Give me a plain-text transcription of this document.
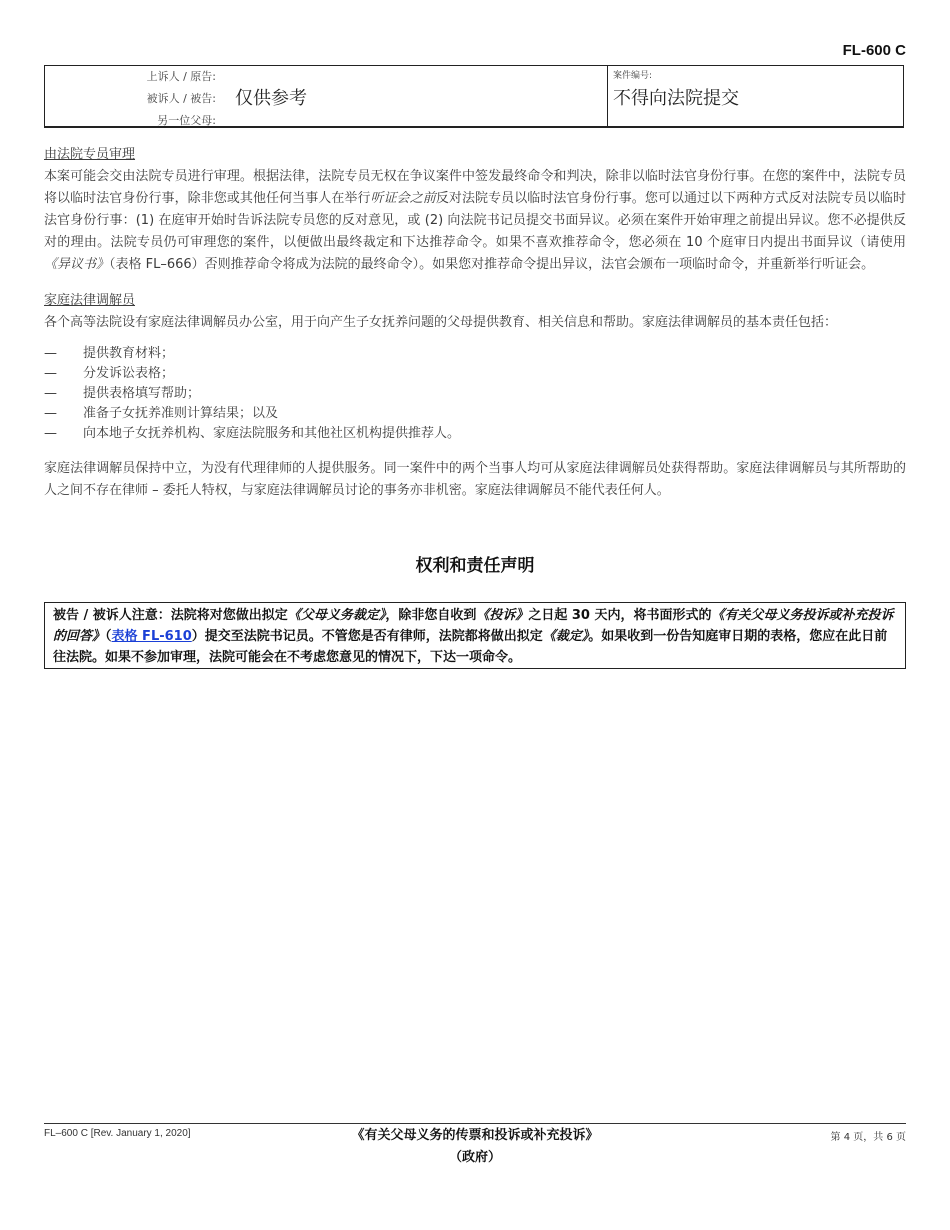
FL-600 C
上诉人 / 原告:
被诉人 / 被告:
另一位父母:
仅供参考
案件编号:
不得向法院提交

由法院专员审理

本案可能会交由法院专员进行审理。根据法律，法院专员无权在争议案件中签发最终命令和判决，除非以临时法官身份行事。在您的案件中，法院专员将以临时法官身份行事，除非您或其他任何当事人在举行听证会之前反对法院专员以临时法官身份行事。您可以通过以下两种方式反对法院专员以临时法官身份行事：(1) 在庭审开始时告诉法院专员您的反对意见，或 (2) 向法院书记员提交书面异议。必须在案件开始审理之前提出异议。您不必提供反对的理由。法院专员仍可审理您的案件，以便做出最终裁定和下达推荐命令。如果不喜欢推荐命令，您必须在 10 个庭审日内提出书面异议（请使用《异议书》（表格 FL–666）否则推荐命令将成为法院的最终命令）。如果您对推荐命令提出异议，法官会颁布一项临时命令，并重新举行听证会。

家庭法律调解员

各个高等法院设有家庭法律调解员办公室，用于向产生子女抚养问题的父母提供教育、相关信息和帮助。家庭法律调解员的基本责任包括：

— 提供教育材料；
— 分发诉讼表格；
— 提供表格填写帮助；
— 准备子女抚养准则计算结果；以及
— 向本地子女抚养机构、家庭法院服务和其他社区机构提供推荐人。

家庭法律调解员保持中立，为没有代理律师的人提供服务。同一案件中的两个当事人均可从家庭法律调解员处获得帮助。家庭法律调解员与其所帮助的人之间不存在律师 – 委托人特权，与家庭法律调解员讨论的事务亦非机密。家庭法律调解员不能代表任何人。

权利和责任声明
被告 / 被诉人注意：法院将对您做出拟定《父母义务裁定》，除非您自收到《投诉》之日起 30 天内，将书面形式的《有关父母义务投诉或补充投诉的回答》（表格 FL-610）提交至法院书记员。不管您是否有律师，法院都将做出拟定《裁定》。如果收到一份告知庭审日期的表格，您应在此日前往法院。如果不参加审理，法院可能会在不考虑您意见的情况下，下达一项命令。
FL–600 C [Rev. January 1, 2020]	《有关父母义务的传票和投诉或补充投诉》
（政府）
第 4 页，共 6 页
